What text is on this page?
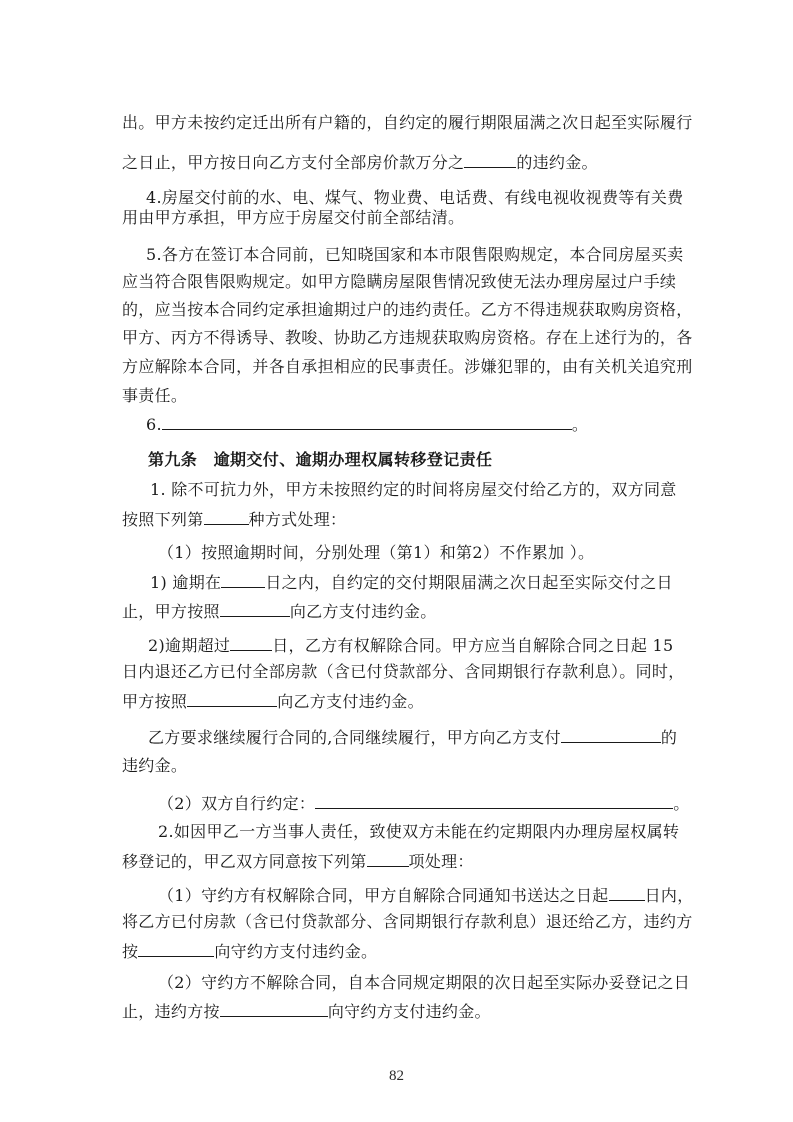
出。甲方未按约定迁出所有户籍的，自约定的履行期限届满之次日起至实际履行
之日止，甲方按日向乙方支付全部房价款万分之	的违约金。
4.房屋交付前的水、电、煤气、物业费、电话费、有线电视收视费等有关费
用由甲方承担，甲方应于房屋交付前全部结清。
5.各方在签订本合同前，已知晓国家和本市限售限购规定，本合同房屋买卖
应当符合限售限购规定。如甲方隐瞒房屋限售情况致使无法办理房屋过户手续
的，应当按本合同约定承担逾期过户的违约责任。乙方不得违规获取购房资格，
甲方、丙方不得诱导、教唆、协助乙方违规获取购房资格。存在上述行为的，各
方应解除本合同，并各自承担相应的民事责任。涉嫌犯罪的，由有关机关追究刑
事责任。
6.	。
第九条　逾期交付、逾期办理权属转移登记责任
1. 除不可抗力外，甲方未按照约定的时间将房屋交付给乙方的，双方同意
按照下列第	种方式处理：
（1）按照逾期时间，分别处理（第1）和第2）不作累加 ）。
1) 逾期在	日之内，自约定的交付期限届满之次日起至实际交付之日
止，甲方按照	向乙方支付违约金。
2)逾期超过	日，乙方有权解除合同。甲方应当自解除合同之日起 15
日内退还乙方已付全部房款（含已付贷款部分、含同期银行存款利息）。同时，
甲方按照	向乙方支付违约金。
乙方要求继续履行合同的,合同继续履行，甲方向乙方支付	的
违约金。
（2）双方自行约定：	。
2.如因甲乙一方当事人责任，致使双方未能在约定期限内办理房屋权属转
移登记的，甲乙双方同意按下列第	项处理：
（1）守约方有权解除合同，甲方自解除合同通知书送达之日起 日内，
将乙方已付房款（含已付贷款部分、含同期银行存款利息）退还给乙方，违约方
按	向守约方支付违约金。
（2）守约方不解除合同，自本合同规定期限的次日起至实际办妥登记之日
止，违约方按	向守约方支付违约金。
82
